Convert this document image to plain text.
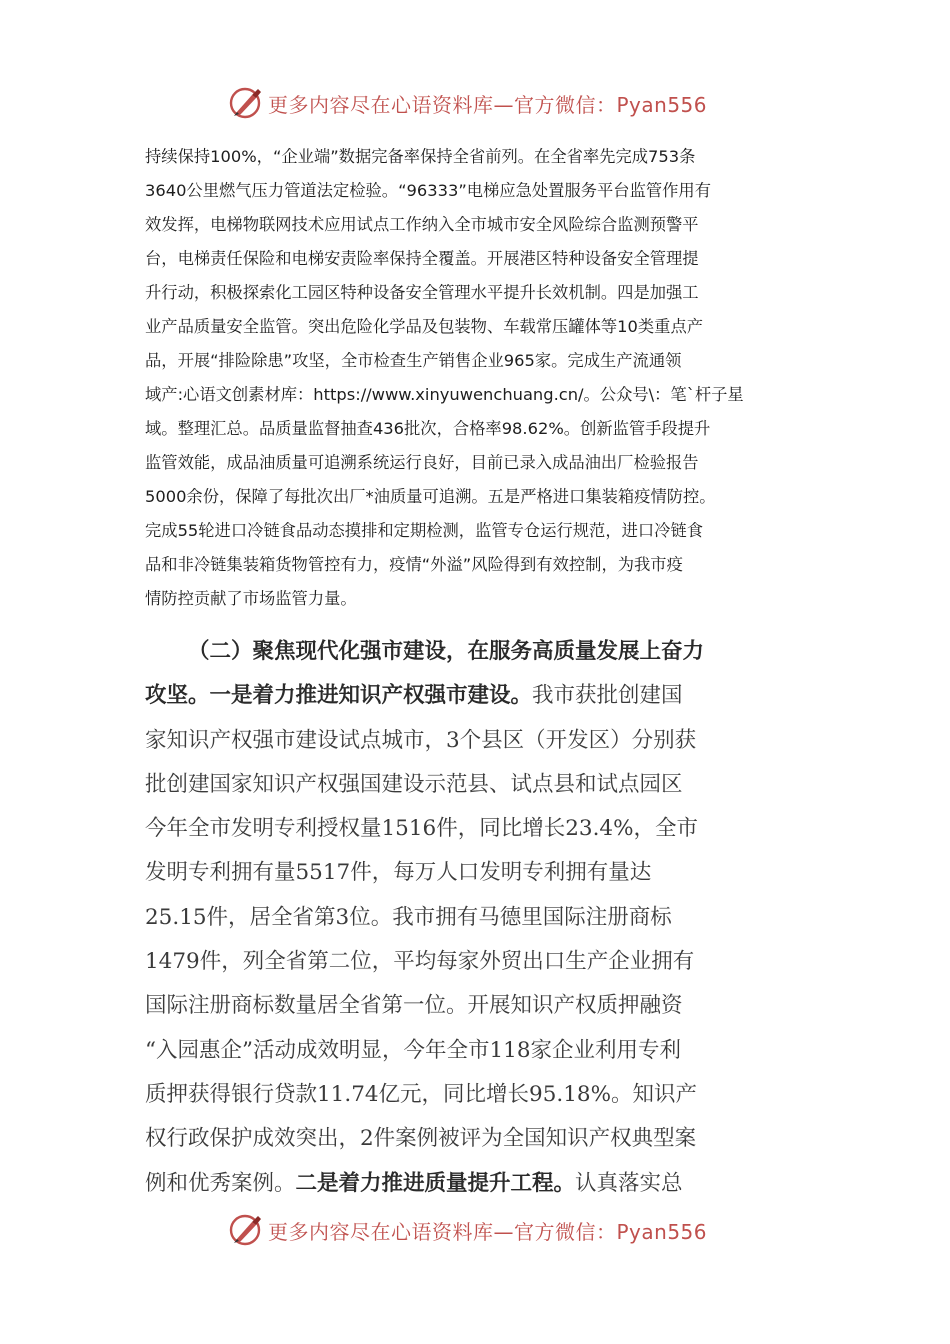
更多内容尽在心语资料库—官方微信：Pyan556

持续保持100%，“企业端”数据完备率保持全省前列。在全省率先完成753条

3640公里燃气压力管道法定检验。“96333”电梯应急处置服务平台监管作用有

效发挥，电梯物联网技术应用试点工作纳入全市城市安全风险综合监测预警平

台，电梯责任保险和电梯安责险率保持全覆盖。开展港区特种设备安全管理提

升行动，积极探索化工园区特种设备安全管理水平提升长效机制。四是加强工

业产品质量安全监管。突出危险化学品及包装物、车载常压罐体等10类重点产

品，开展“排险除患”攻坚，全市检查生产销售企业965家。完成生产流通领

域产:心语文创素材库：https://www.xinyuwenchuang.cn/。公众号\：笔`杆子星

域。整理汇总。品质量监督抽查436批次，合格率98.62%。创新监管手段提升

监管效能，成品油质量可追溯系统运行良好，目前已录入成品油出厂检验报告

5000余份，保障了每批次出厂*油质量可追溯。五是严格进口集装箱疫情防控。

完成55轮进口冷链食品动态摸排和定期检测，监管专仓运行规范，进口冷链食

品和非冷链集装箱货物管控有力，疫情“外溢”风险得到有效控制，为我市疫

情防控贡献了市场监管力量。

（二）聚焦现代化强市建设，在服务高质量发展上奋力

攻坚。一是着力推进知识产权强市建设。我市获批创建国

家知识产权强市建设试点城市，3个县区（开发区）分别获

批创建国家知识产权强国建设示范县、试点县和试点园区

今年全市发明专利授权量1516件，同比增长23.4%，全市

发明专利拥有量5517件，每万人口发明专利拥有量达

25.15件，居全省第3位。我市拥有马德里国际注册商标

1479件，列全省第二位，平均每家外贸出口生产企业拥有

国际注册商标数量居全省第一位。开展知识产权质押融资

“入园惠企”活动成效明显，今年全市118家企业利用专利

质押获得银行贷款11.74亿元，同比增长95.18%。知识产

权行政保护成效突出，2件案例被评为全国知识产权典型案

例和优秀案例。二是着力推进质量提升工程。认真落实总

更多内容尽在心语资料库—官方微信：Pyan556
